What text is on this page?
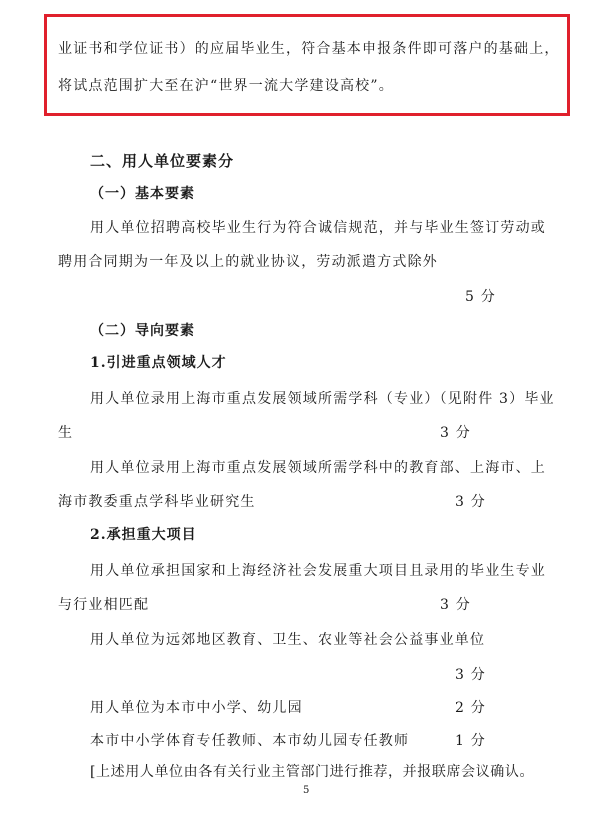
业证书和学位证书）的应届毕业生，符合基本申报条件即可落户的基础上，
将试点范围扩大至在沪“世界一流大学建设高校”。
二、用人单位要素分
（一）基本要素
用人单位招聘高校毕业生行为符合诚信规范，并与毕业生签订劳动或
聘用合同期为一年及以上的就业协议，劳动派遣方式除外
5 分
（二）导向要素
1.引进重点领域人才
用人单位录用上海市重点发展领域所需学科（专业）（见附件 3）毕业
生	3 分
用人单位录用上海市重点发展领域所需学科中的教育部、上海市、上
海市教委重点学科毕业研究生	3 分
2.承担重大项目
用人单位承担国家和上海经济社会发展重大项目且录用的毕业生专业
与行业相匹配	3 分
用人单位为远郊地区教育、卫生、农业等社会公益事业单位
3 分
用人单位为本市中小学、幼儿园	2 分
本市中小学体育专任教师、本市幼儿园专任教师	1 分
[上述用人单位由各有关行业主管部门进行推荐，并报联席会议确认。
5
